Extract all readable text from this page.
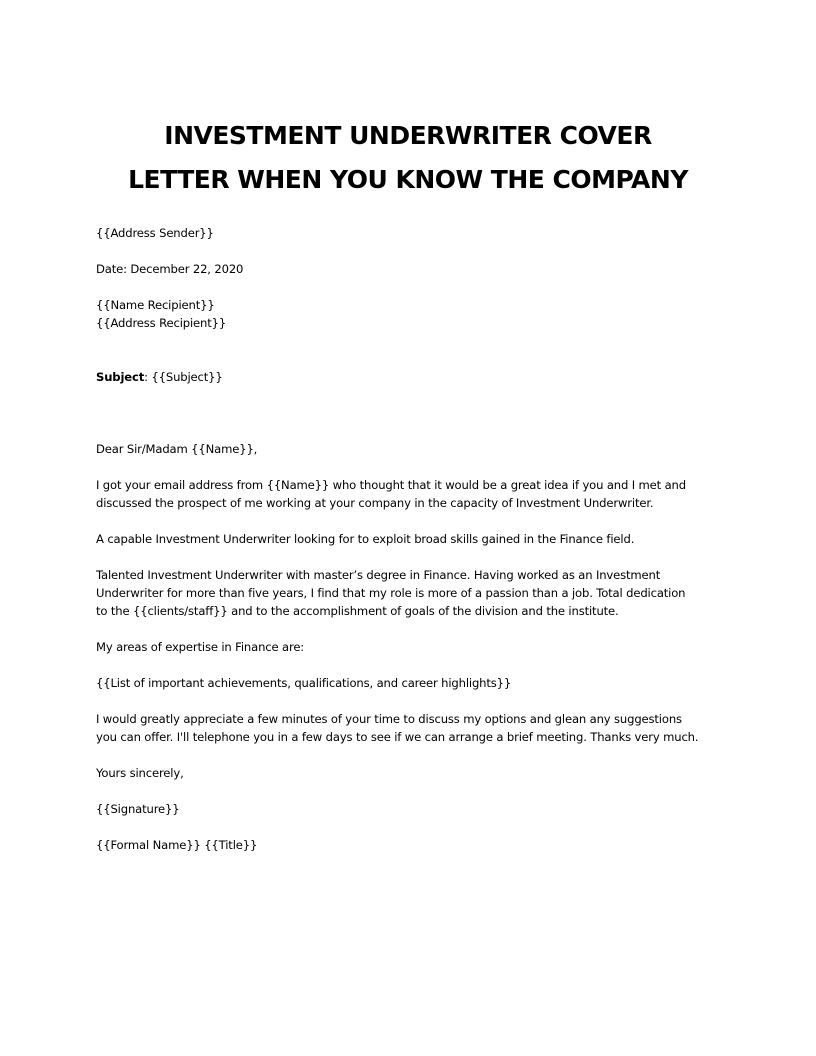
INVESTMENT UNDERWRITER COVER
LETTER WHEN YOU KNOW THE COMPANY
{{Address Sender}}
Date: December 22, 2020
{{Name Recipient}}
{{Address Recipient}}
Subject: {{Subject}}
Dear Sir/Madam {{Name}},
I got your email address from {{Name}} who thought that it would be a great idea if you and I met and
discussed the prospect of me working at your company in the capacity of Investment Underwriter.
A capable Investment Underwriter looking for to exploit broad skills gained in the Finance field.
Talented Investment Underwriter with master’s degree in Finance. Having worked as an Investment
Underwriter for more than five years, I find that my role is more of a passion than a job. Total dedication
to the {{clients/staff}} and to the accomplishment of goals of the division and the institute.
My areas of expertise in Finance are:
{{List of important achievements, qualifications, and career highlights}}
I would greatly appreciate a few minutes of your time to discuss my options and glean any suggestions
you can offer. I'll telephone you in a few days to see if we can arrange a brief meeting. Thanks very much.
Yours sincerely,
{{Signature}}
{{Formal Name}} {{Title}}
